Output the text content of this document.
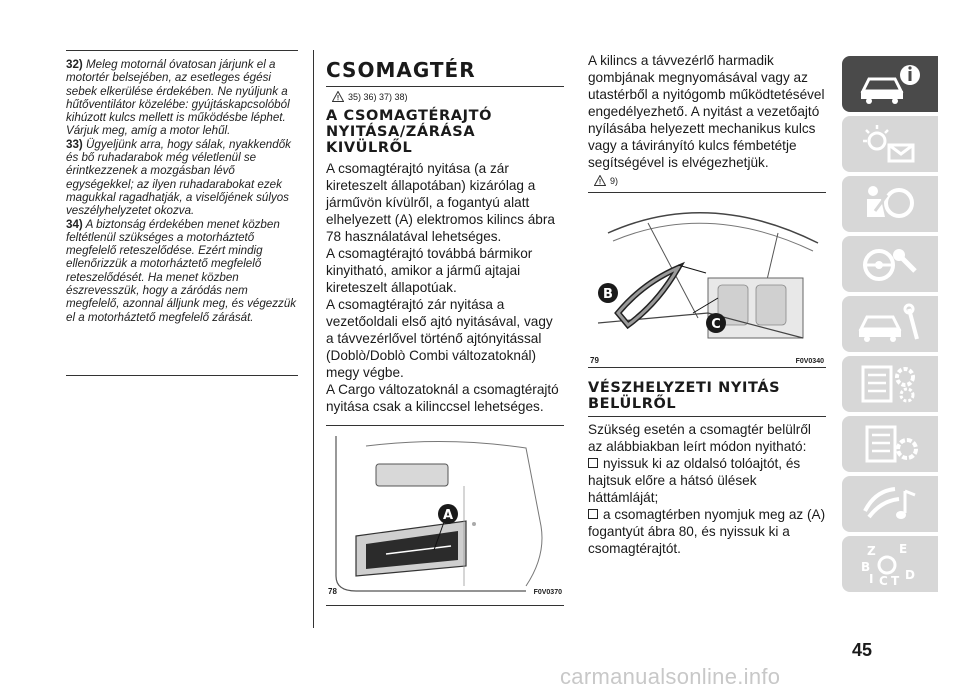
32) Meleg motornál óvatosan járjunk el a motortér belsejében, az esetleges égési sebek elkerülése érdekében. Ne nyúljunk a hűtőventilátor közelébe: gyújtáskapcsolóból kihúzott kulcs mellett is működésbe léphet. Várjuk meg, amíg a motor lehűl.

33) Ügyeljünk arra, hogy sálak, nyakkendők és bő ruhadarabok még véletlenül se érintkezzenek a mozgásban lévő egységekkel; az ilyen ruhadarabokat ezek magukkal ragadhatják, a viselőjének súlyos veszélyhelyzetet okozva.

34) A biztonság érdekében menet közben feltétlenül szükséges a motorháztető megfelelő reteszelődése. Ezért mindig ellenőrizzük a motorháztető megfelelő reteszelődését. Ha menet közben észrevesszük, hogy a záródás nem megfelelő, azonnal álljunk meg, és végezzük el a motorháztető megfelelő zárását.

CSOMAGTÉR
35) 36) 37) 38)
A CSOMAGTÉRAJTÓ NYITÁSA/ZÁRÁSA KIVÜLRŐL

A csomagtérajtó nyitása (a zár kireteszelt állapotában) kizárólag a járművön kívülről, a fogantyú alatt elhelyezett (A) elektromos kilincs ábra 78 használatával lehetséges.

A csomagtérajtó továbbá bármikor kinyitható, amikor a jármű ajtajai kireteszelt állapotúak.

A csomagtérajtó zár nyitása a vezetőoldali első ajtó nyitásával, vagy a távvezérlővel történő ajtónyitással (Doblò/Doblò Combi változatoknál) megy végbe.

A Cargo változatoknál a csomagtérajtó nyitása csak a kilinccsel lehetséges.

A
78	F0V0370

A kilincs a távvezérlő harmadik gombjának megnyomásával vagy az utastérből a nyitógomb működtetésével engedélyezhető. A nyitást a vezetőajtó nyílásába helyezett mechanikus kulcs vagy a távirányító kulcs fémbetétje segítségével is elvégezhetjük.

9)
B
C
79	F0V0340
VÉSZHELYZETI NYITÁS BELÜLRŐL

Szükség esetén a csomagtér belülről az alábbiakban leírt módon nyitható:

nyissuk ki az oldalsó tolóajtót, és hajtsuk előre a hátsó ülések háttámláját;

a csomagtérben nyomjuk meg az (A) fogantyút ábra 80, és nyissuk ki a csomagtérajtót.	Z E
B
I C T D
45
carmanualsonline.info
